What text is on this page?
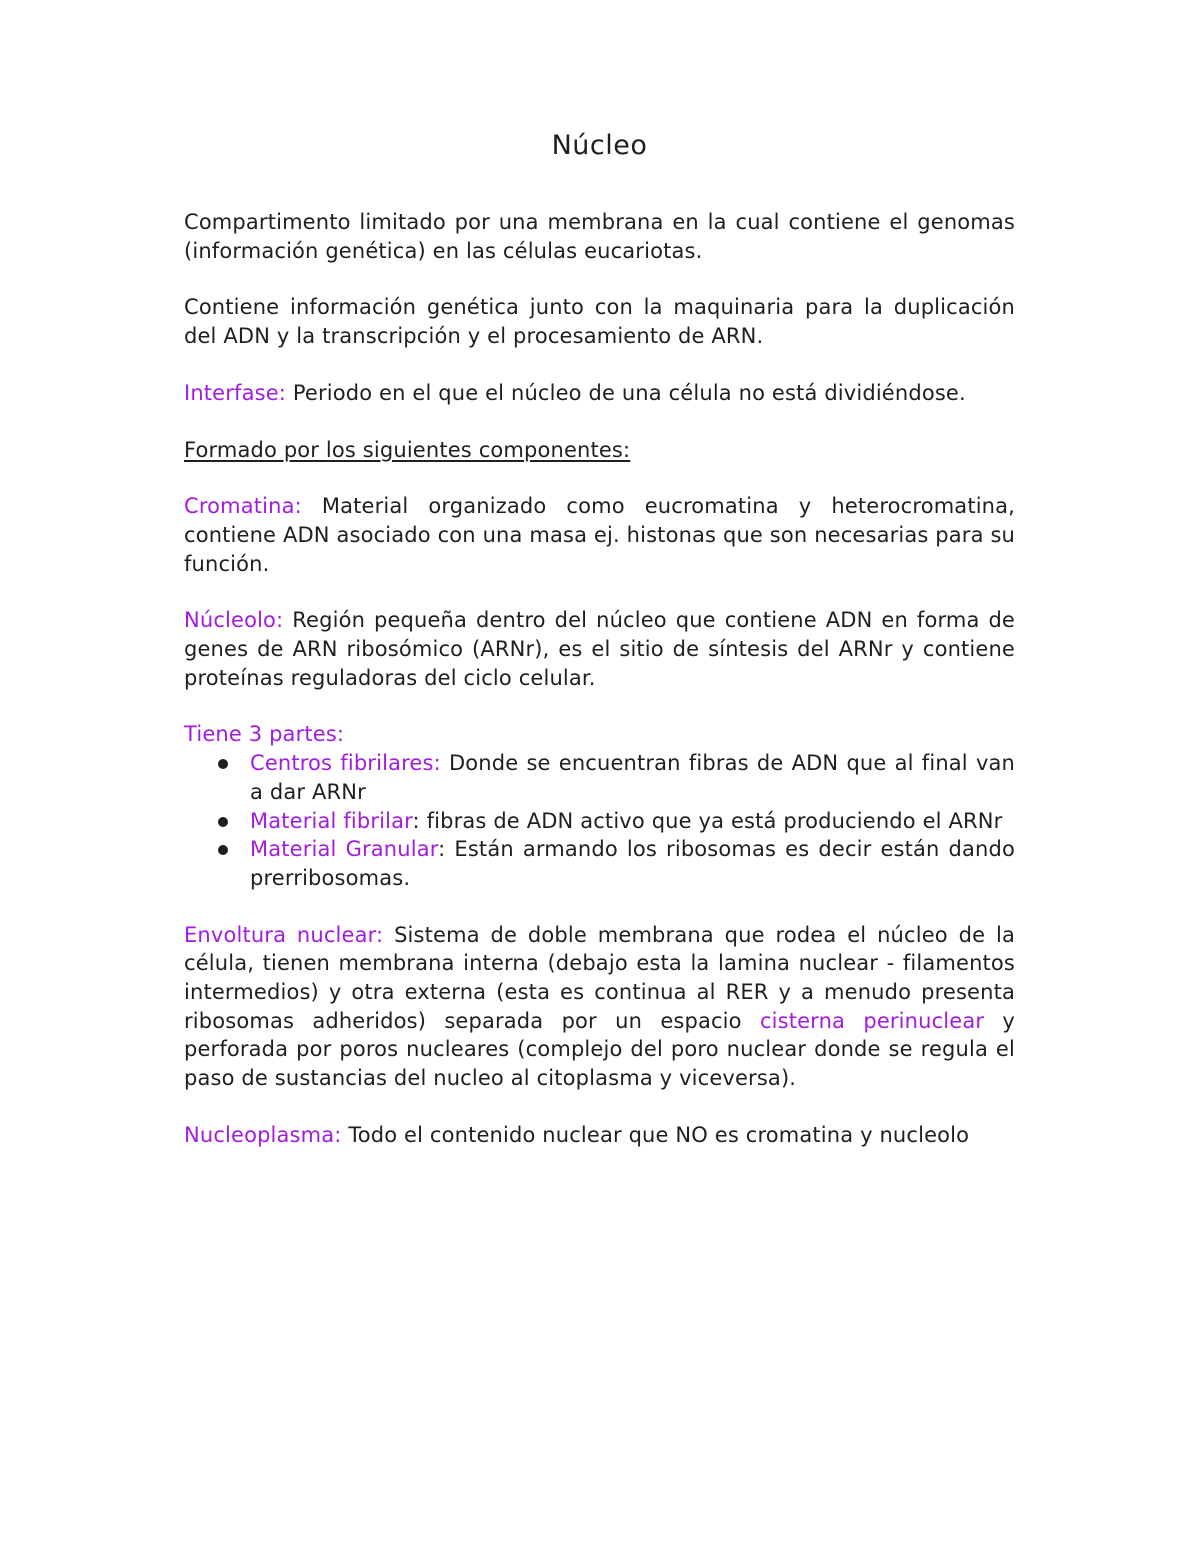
Núcleo

Compartimento limitado por una membrana en la cual contiene el genomas (información genética) en las células eucariotas.

Contiene información genética junto con la maquinaria para la duplicación del ADN y la transcripción y el procesamiento de ARN.

Interfase: Periodo en el que el núcleo de una célula no está dividiéndose.

Formado por los siguientes componentes:

Cromatina: Material organizado como eucromatina y heterocromatina, contiene ADN asociado con una masa ej. histonas que son necesarias para su función.

Núcleolo: Región pequeña dentro del núcleo que contiene ADN en forma de genes de ARN ribosómico (ARNr), es el sitio de síntesis del ARNr y contiene proteínas reguladoras del ciclo celular.

Tiene 3 partes:

Centros fibrilares: Donde se encuentran fibras de ADN que al final van a dar ARNr
Material fibrilar: fibras de ADN activo que ya está produciendo el ARNr
Material Granular: Están armando los ribosomas es decir están dando prerribosomas.

Envoltura nuclear: Sistema de doble membrana que rodea el núcleo de la célula, tienen membrana interna (debajo esta la lamina nuclear - filamentos intermedios) y otra externa (esta es continua al RER y a menudo presenta ribosomas adheridos) separada por un espacio cisterna perinuclear y perforada por poros nucleares (complejo del poro nuclear donde se regula el paso de sustancias del nucleo al citoplasma y viceversa).

Nucleoplasma: Todo el contenido nuclear que NO es cromatina y nucleolo
